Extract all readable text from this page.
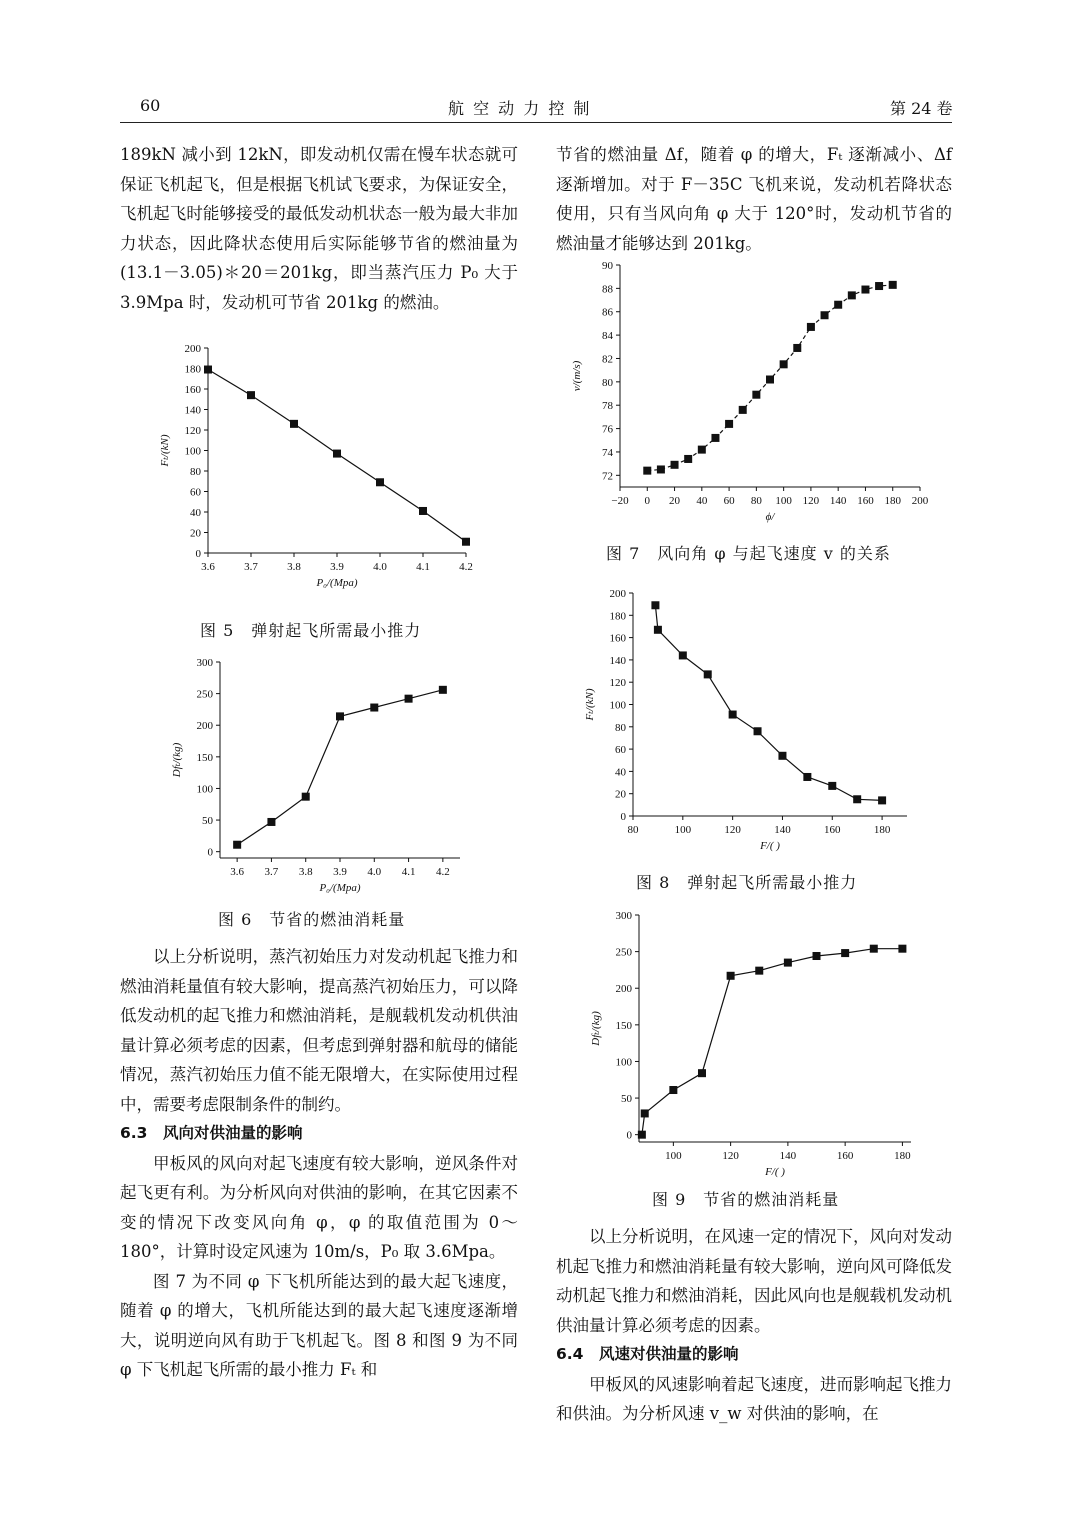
60	航 空 动 力 控 制	第 24 卷

189kN 减小到 12kN，即发动机仅需在慢车状态就可保证飞机起飞，但是根据飞机试飞要求，为保证安全，飞机起飞时能够接受的最低发动机状态一般为最大非加力状态，因此降状态使用后实际能够节省的燃油量为(13.1－3.05)＊20＝201kg，即当蒸汽压力 P₀ 大于 3.9Mpa 时，发动机可节省 201kg 的燃油。

以上分析说明，蒸汽初始压力对发动机起飞推力和燃油消耗量值有较大影响，提高蒸汽初始压力，可以降低发动机的起飞推力和燃油消耗，是舰载机发动机供油量计算必须考虑的因素，但考虑到弹射器和航母的储能情况，蒸汽初始压力值不能无限增大，在实际使用过程中，需要考虑限制条件的制约。

6.3　风向对供油量的影响

甲板风的风向对起飞速度有较大影响，逆风条件对起飞更有利。为分析风向对供油的影响，在其它因素不变的情况下改变风向角 φ，φ 的取值范围为 0～180°，计算时设定风速为 10m/s，P₀ 取 3.6Mpa。

图 7 为不同 φ 下飞机所能达到的最大起飞速度，随着 φ 的增大，飞机所能达到的最大起飞速度逐渐增大，说明逆向风有助于飞机起飞。图 8 和图 9 为不同 φ 下飞机起飞所需的最小推力 Fₜ 和

节省的燃油量 Δf，随着 φ 的增大，Fₜ 逐渐减小、Δf 逐渐增加。对于 F－35C 飞机来说，发动机若降状态使用，只有当风向角 φ 大于 120°时，发动机节省的燃油量才能够达到 201kg。

以上分析说明，在风速一定的情况下，风向对发动机起飞推力和燃油消耗量有较大影响，逆向风可降低发动机起飞推力和燃油消耗，因此风向也是舰载机发动机供油量计算必须考虑的因素。

6.4　风速对供油量的影响

甲板风的风速影响着起飞速度，进而影响起飞推力和供油。为分析风速 v_w 对供油的影响，在

0
20
40
60
80
100
120
140
160
180
200
3.6	3.7	3.8	3.9	4.0	4.1	4.2
P₀/(Mpa)
Fₜ/(kN)
0
50
100
150
200
250
300
3.6 3.7 3.8 3.9 4.0 4.1 4.2
P₀/(Mpa)
Dfₜ/(kg)
72
74
76
78
80
82
84
86
88
90
−20 0 20 40 60 80 100 120 140 160 180 200
ϕ/
v/(m/s)
0
20
40
60
80
100
120
140
160
180
200
80	100	120	140	160	180
F/( )
Fₜ/(kN)
0
50
100
150
200
250
300
100	120	140	160	180
F/( )
Dfₜ/(kg)
图 5　弹射起飞所需最小推力
图 6　节省的燃油消耗量
图 7　风向角 φ 与起飞速度 v 的关系
图 8　弹射起飞所需最小推力
图 9　节省的燃油消耗量
